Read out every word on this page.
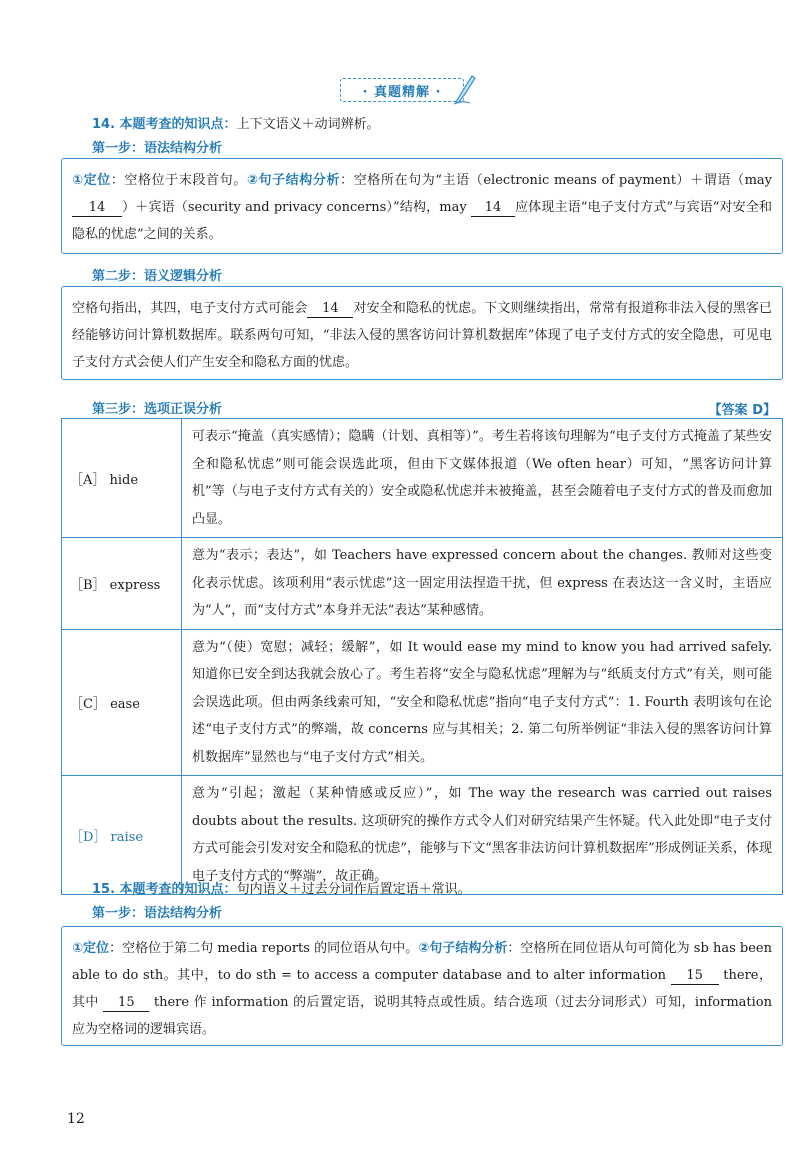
· 真题精解 ·
14. 本题考查的知识点：上下文语义＋动词辨析。
第一步：语法结构分析
①定位：空格位于末段首句。②句子结构分析：空格所在句为“主语（electronic means of payment）＋谓语（may 14 ）＋宾语（security and privacy concerns）”结构，may 14 应体现主语“电子支付方式”与宾语“对安全和隐私的忧虑”之间的关系。
第二步：语义逻辑分析
空格句指出，其四，电子支付方式可能会 14 对安全和隐私的忧虑。下文则继续指出，常常有报道称非法入侵的黑客已经能够访问计算机数据库。联系两句可知，“非法入侵的黑客访问计算机数据库”体现了电子支付方式的安全隐患，可见电子支付方式会使人们产生安全和隐私方面的忧虑。
第三步：选项正误分析	【答案 D】
［A］ hide	可表示“掩盖（真实感情）；隐瞒（计划、真相等）”。考生若将该句理解为“电子支付方式掩盖了某些安全和隐私忧虑”则可能会误选此项，但由下文媒体报道（We often hear）可知，“黑客访问计算机”等（与电子支付方式有关的）安全或隐私忧虑并未被掩盖，甚至会随着电子支付方式的普及而愈加凸显。
［B］ express	意为“表示；表达”，如 Teachers have expressed concern about the changes. 教师对这些变化表示忧虑。该项利用“表示忧虑”这一固定用法捏造干扰，但 express 在表达这一含义时，主语应为“人”，而“支付方式”本身并无法“表达”某种感情。
［C］ ease	意为“（使）宽慰；减轻；缓解”，如 It would ease my mind to know you had arrived safely. 知道你已安全到达我就会放心了。考生若将“安全与隐私忧虑”理解为与“纸质支付方式”有关，则可能会误选此项。但由两条线索可知，“安全和隐私忧虑”指向“电子支付方式”：1. Fourth 表明该句在论述“电子支付方式”的弊端，故 concerns 应与其相关；2. 第二句所举例证“非法入侵的黑客访问计算机数据库”显然也与“电子支付方式”相关。
［D］ raise	意为“引起；激起（某种情感或反应）”，如 The way the research was carried out raises doubts about the results. 这项研究的操作方式令人们对研究结果产生怀疑。代入此处即“电子支付方式可能会引发对安全和隐私的忧虑”，能够与下文“黑客非法访问计算机数据库”形成例证关系，体现电子支付方式的“弊端”，故正确。
15. 本题考查的知识点：句内语义＋过去分词作后置定语＋常识。
第一步：语法结构分析
①定位：空格位于第二句 media reports 的同位语从句中。②句子结构分析：空格所在同位语从句可简化为 sb has been able to do sth。其中，to do sth = to access a computer database and to alter information 15 there，其中 15 there 作 information 的后置定语，说明其特点或性质。结合选项（过去分词形式）可知，information 应为空格词的逻辑宾语。
12
